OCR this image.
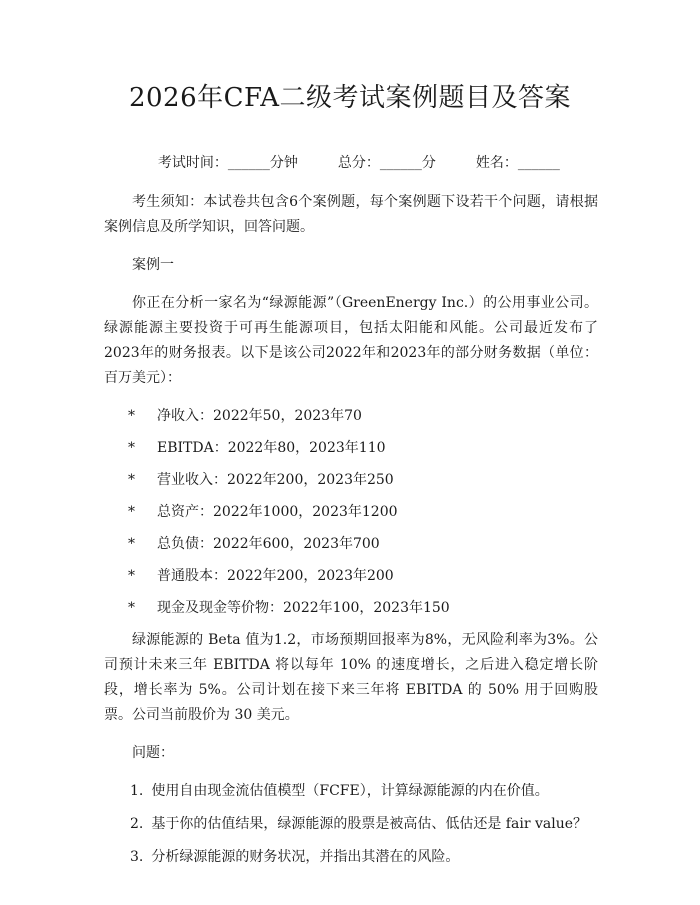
2026年CFA二级考试案例题目及答案

考试时间：______分钟	总分：______分	姓名：______

考生须知：本试卷共包含6个案例题，每个案例题下设若干个问题，请根据案例信息及所学知识，回答问题。

案例一

你正在分析一家名为“绿源能源”（GreenEnergy Inc.）的公用事业公司。绿源能源主要投资于可再生能源项目，包括太阳能和风能。公司最近发布了2023年的财务报表。以下是该公司2022年和2023年的部分财务数据（单位：百万美元）：

*	净收入：2022年50，2023年70
*	EBITDA：2022年80，2023年110
*	营业收入：2022年200，2023年250
*	总资产：2022年1000，2023年1200
*	总负债：2022年600，2023年700
*	普通股本：2022年200，2023年200
*	现金及现金等价物：2022年100，2023年150

绿源能源的 Beta 值为1.2，市场预期回报率为8%，无风险利率为3%。公司预计未来三年 EBITDA 将以每年 10% 的速度增长，之后进入稳定增长阶段，增长率为 5%。公司计划在接下来三年将 EBITDA 的 50% 用于回购股票。公司当前股价为 30 美元。

问题：

1. 使用自由现金流估值模型（FCFE），计算绿源能源的内在价值。
2. 基于你的估值结果，绿源能源的股票是被高估、低估还是 fair value？
3. 分析绿源能源的财务状况，并指出其潜在的风险。
